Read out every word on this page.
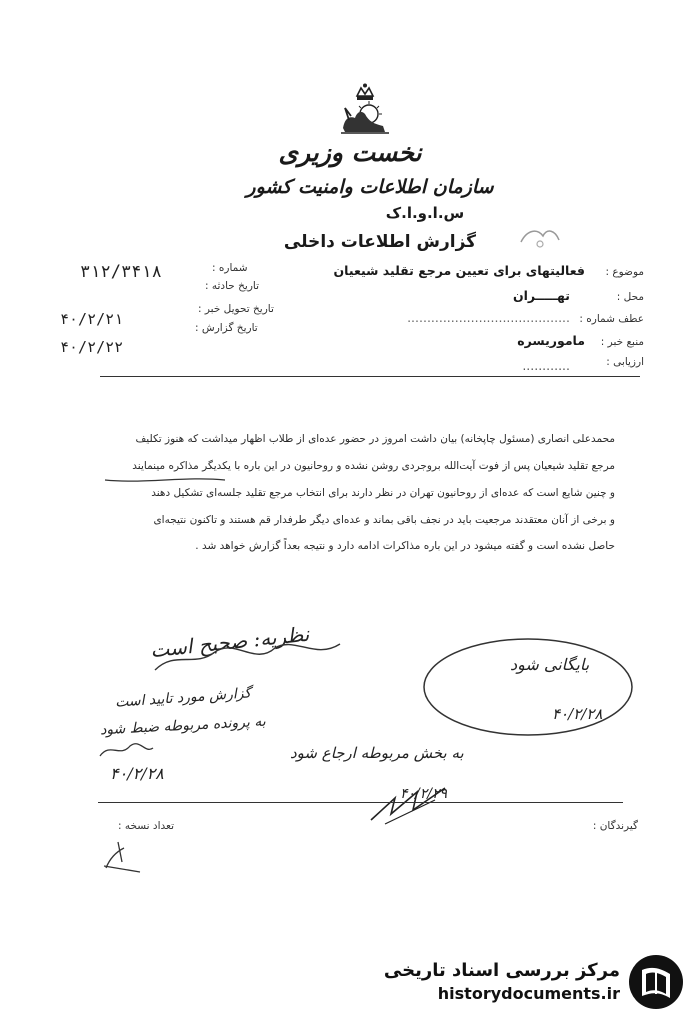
نخست وزیری
سازمان اطلاعات وامنیت کشور
س.ا.و.ا.ک
گزارش اطلاعات داخلی
موضوع :
فعالیتهای برای تعیین مرجع تقلید شیعیان
محل :
تهـــــران
عطف شماره :
.........................................
منبع خبر :
ماموریسره
ارزیابی :
............
شماره :
۳۱۲/۳۴۱۸
تاریخ حادثه :
تاریخ تحویل خبر :
۴۰/۲/۲۱	تاریخ گزارش :
۴۰/۲/۲۲
محمدعلی انصاری (مسئول چاپخانه) بیان داشت امروز در حضور عده‌ای از طلاب اظهار میداشت که هنوز تکلیف
مرجع تقلید شیعیان پس از فوت آیت‌الله بروجردی روشن نشده و روحانیون در این باره با یکدیگر مذاکره مینمایند
و چنین شایع است که عده‌ای از روحانیون تهران در نظر دارند برای انتخاب مرجع تقلید جلسه‌ای تشکیل دهند
و برخی از آنان معتقدند مرجعیت باید در نجف باقی بماند و عده‌ای دیگر طرفدار قم هستند و تاکنون نتیجه‌ای
حاصل نشده است و گفته میشود در این باره مذاکرات ادامه دارد و نتیجه بعداً گزارش خواهد شد .
نظریه‌: صحیح است
گزارش مورد تایید است
به پرونده مربوطه ضبط شود
۴۰/۲/۲۸
بایگانی شود
۴۰/۲/۲۸
به بخش مربوطه ارجاع شود
۴۰/۲/۲۹
گیرندگان :
تعداد نسخه :
مرکز بررسی اسناد تاریخی
historydocuments.ir
